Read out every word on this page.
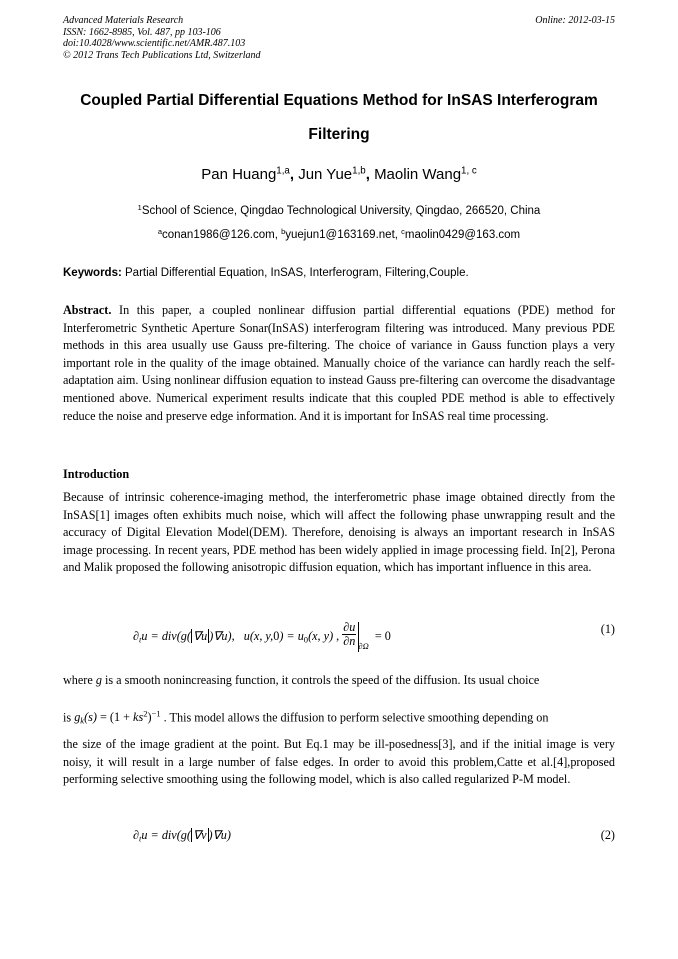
Advanced Materials Research
ISSN: 1662-8985, Vol. 487, pp 103-106
doi:10.4028/www.scientific.net/AMR.487.103
© 2012 Trans Tech Publications Ltd, Switzerland
Online: 2012-03-15
Coupled Partial Differential Equations Method for InSAS Interferogram
Filtering
Pan Huang$^{1,a}$, Jun Yue$^{1,b}$, Maolin Wang$^{1, c}$
$^1$School of Science, Qingdao Technological University, Qingdao, 266520, China
$^a$conan1986@126.com, $^b$yuejun1@163169.net, $^c$maolin0429@163.com
Keywords: Partial Differential Equation, InSAS, Interferogram, Filtering,Couple.
Abstract. In this paper, a coupled nonlinear diffusion partial differential equations (PDE) method for Interferometric Synthetic Aperture Sonar(InSAS) interferogram filtering was introduced. Many previous PDE methods in this area usually use Gauss pre-filtering. The choice of variance in Gauss function plays a very important role in the quality of the image obtained. Manually choice of the variance can hardly reach the self-adaptation aim. Using nonlinear diffusion equation to instead Gauss pre-filtering can overcome the disadvantage mentioned above. Numerical experiment results indicate that this coupled PDE method is able to effectively reduce the noise and preserve edge information. And it is important for InSAS real time processing.
Introduction
Because of intrinsic coherence-imaging method, the interferometric phase image obtained directly from the InSAS[1] images often exhibits much noise, which will affect the following phase unwrapping result and the accuracy of Digital Elevation Model(DEM). Therefore, denoising is always an important research in InSAS image processing. In recent years, PDE method has been widely applied in image processing field. In[2], Perona and Malik proposed the following anisotropic diffusion equation, which has important influence in this area.
$\partial_tu = div(g$( ∇u )∇u), u(x, $y,0) = u_0(x$, y) , $\frac{\partial u}{\partial n} _{\partial\Omega} = 0$	(1)
where g is a smooth nonincreasing function, it controls the speed of the diffusion. Its usual choice
is $g_k(s) = (1 + ks^2)^{-1}$ . This model allows the diffusion to perform selective smoothing depending on
the size of the image gradient at the point. But Eq.1 may be ill-posedness[3], and if the initial image is very noisy, it will result in a large number of false edges. In order to avoid this problem,Catte et al.[4],proposed performing selective smoothing using the following model, which is also called regularized P-M model.
$\partial_tu = div(g$( ∇v )∇u)	(2)
